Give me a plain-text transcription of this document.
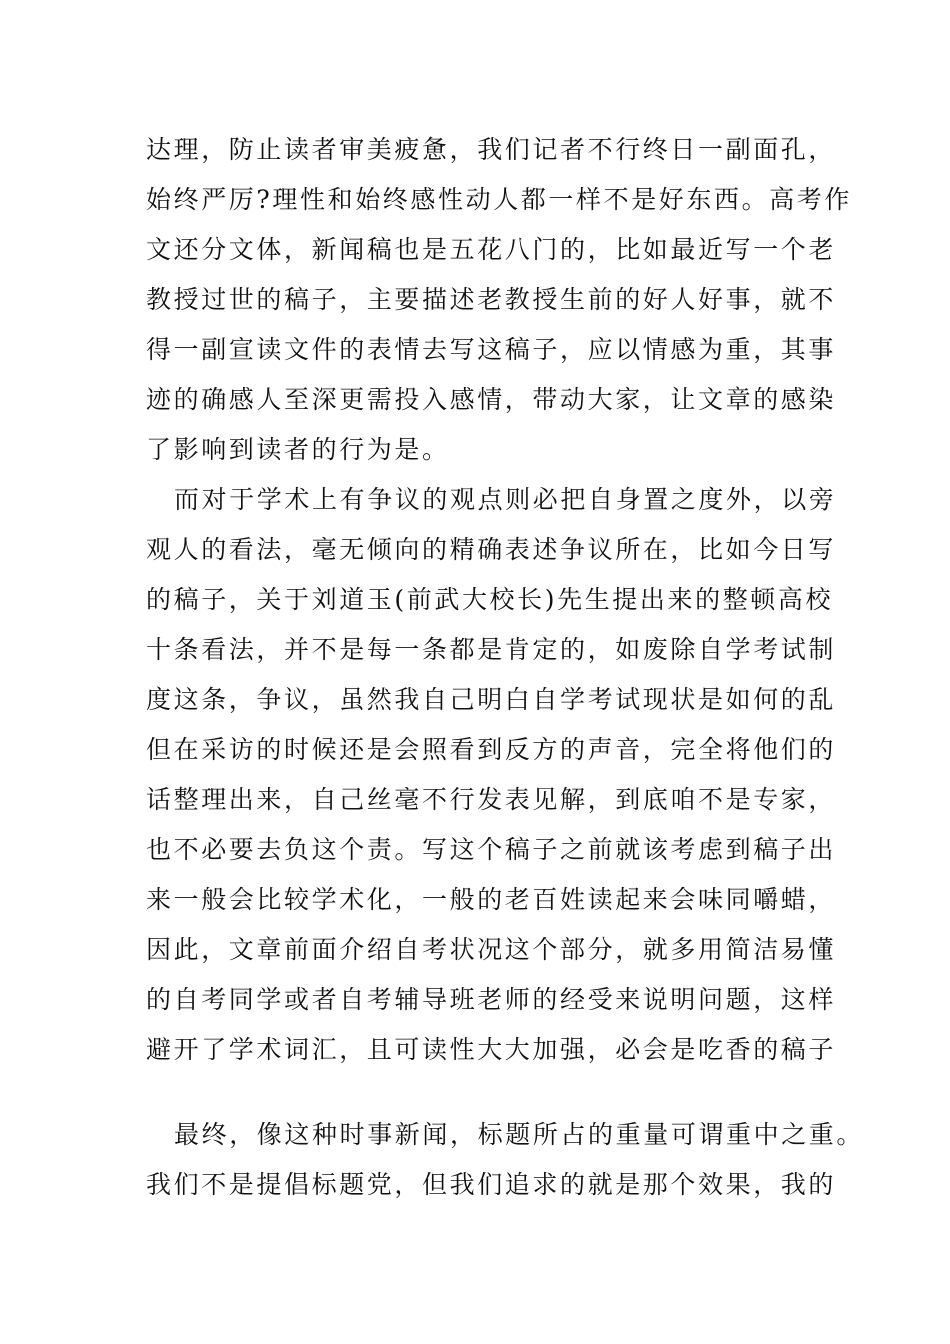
达理，防止读者审美疲惫，我们记者不行终日一副面孔，
始终严厉?理性和始终感性动人都一样不是好东西。高考作
文还分文体，新闻稿也是五花八门的，比如最近写一个老
教授过世的稿子，主要描述老教授生前的好人好事，就不
得一副宣读文件的表情去写这稿子，应以情感为重，其事
迹的确感人至深更需投入感情，带动大家，让文章的感染
了影响到读者的行为是。
而对于学术上有争议的观点则必把自身置之度外，以旁
观人的看法，毫无倾向的精确表述争议所在，比如今日写
的稿子，关于刘道玉(前武大校长)先生提出来的整顿高校
十条看法，并不是每一条都是肯定的，如废除自学考试制
度这条，争议，虽然我自己明白自学考试现状是如何的乱
但在采访的时候还是会照看到反方的声音，完全将他们的
话整理出来，自己丝毫不行发表见解，到底咱不是专家，
也不必要去负这个责。写这个稿子之前就该考虑到稿子出
来一般会比较学术化，一般的老百姓读起来会味同嚼蜡，
因此，文章前面介绍自考状况这个部分，就多用简洁易懂
的自考同学或者自考辅导班老师的经受来说明问题，这样
避开了学术词汇，且可读性大大加强，必会是吃香的稿子
最终，像这种时事新闻，标题所占的重量可谓重中之重。
我们不是提倡标题党，但我们追求的就是那个效果，我的
